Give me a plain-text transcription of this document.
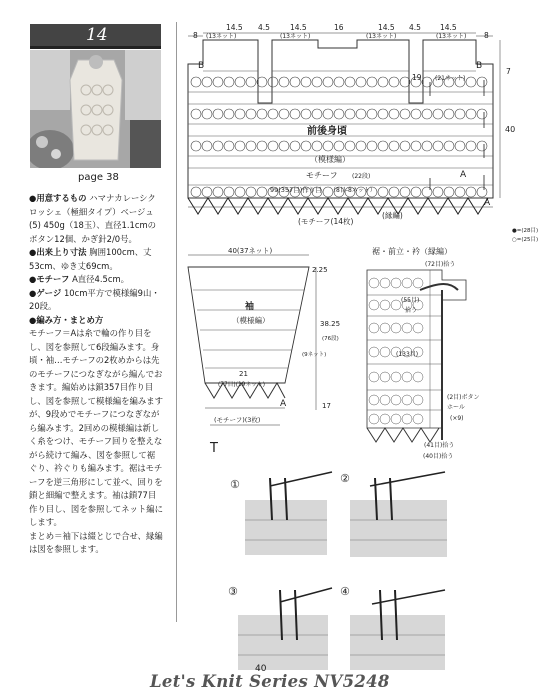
14
page 38

●用意するもの ハマナカレーシクロッシェ（極細タイプ）ベージュ(5) 450g（18玉）、直径1.1cmのボタン12個、かぎ針2/0号。

●出来上り寸法 胸囲100cm、丈53cm、ゆき丈69cm。

●モチーフ A直径4.5cm。

●ゲージ 10cm平方で模様編9山・20段。

●編み方・まとめ方

モチーフ＝Aは糸で輪の作り目をし、図を参照して6段編みます。身頃・袖…モチーフの2枚めからは先のモチーフにつなぎながら編んでおきます。編始めは鎖357目作り目し、図を参照して模様編を編みますが、9段めでモチーフにつなぎながら編みます。2回めの模様編は新しく糸をつけ、モチーフ回りを整えながら続けて編み、図を参照して裾ぐり、衿ぐりも編みます。裾はモチーフを逆三角形にして並べ、回りを鎖と細編で整えます。袖は鎖77目作り目し、図を参照してネット編にします。

まとめ＝袖下は綴とじで合せ、縁編は図を参照します。

14.5 4.5	14.5	16	14.5 4.5	14.5
(13ネット)	(13ネット)	(13ネット)	(13ネット)
8	8
B	B
7
19
40
(21ネット)
前後身頃
（模様編）
モチーフ (22段)	A
A
99(357目)作り目 （8目-8ネット）
(モチーフ(14枚)
(縁編)
●=(28目)
○=(25目)
40(37ネット)
袖
（模様編）
2.25
38.25
17
(9ネット)
(76段)
21
(77目)(19ネット)
(モチーフ)(3枚)
A
T
裾・前立・衿（縁編）
(72目)拾う
(55目)
拾う
(133目)
(2目)ボタン
ホール
(×9)
(41目)拾う
(40目)拾う
①	②
③	④
40
Let's Knit Series NV5248
